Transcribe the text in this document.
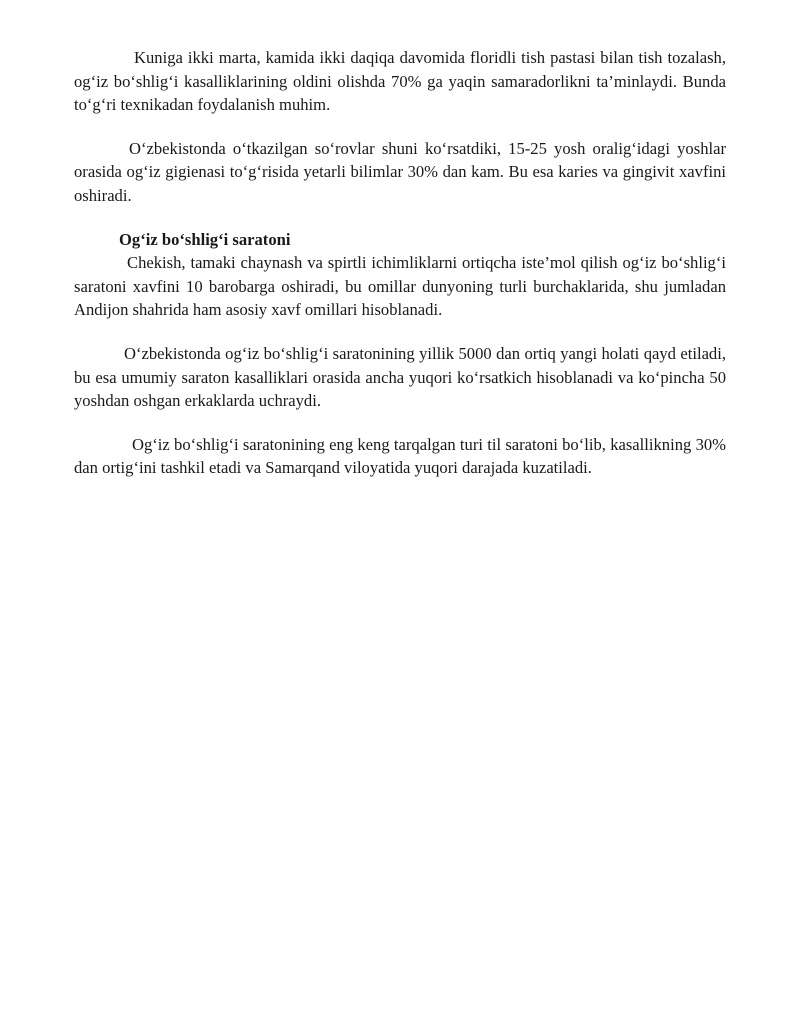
Kuniga ikki marta, kamida ikki daqiqa davomida floridli tish pastasi bilan tish tozalash, og‘iz bo‘shlig‘i kasalliklarining oldini olishda 70% ga yaqin samaradorlikni ta’minlaydi. Bunda to‘g‘ri texnikadan foydalanish muhim.

O‘zbekistonda o‘tkazilgan so‘rovlar shuni ko‘rsatdiki, 15-25 yosh oralig‘idagi yoshlar orasida og‘iz gigienasi to‘g‘risida yetarli bilimlar 30% dan kam. Bu esa karies va gingivit xavfini oshiradi.

Og‘iz bo‘shlig‘i saratoni

Chekish, tamaki chaynash va spirtli ichimliklarni ortiqcha iste’mol qilish og‘iz bo‘shlig‘i saratoni xavfini 10 barobarga oshiradi, bu omillar dunyoning turli burchaklarida, shu jumladan Andijon shahrida ham asosiy xavf omillari hisoblanadi.

O‘zbekistonda og‘iz bo‘shlig‘i saratonining yillik 5000 dan ortiq yangi holati qayd etiladi, bu esa umumiy saraton kasalliklari orasida ancha yuqori ko‘rsatkich hisoblanadi va ko‘pincha 50 yoshdan oshgan erkaklarda uchraydi.

Og‘iz bo‘shlig‘i saratonining eng keng tarqalgan turi til saratoni bo‘lib, kasallikning 30% dan ortig‘ini tashkil etadi va Samarqand viloyatida yuqori darajada kuzatiladi.
